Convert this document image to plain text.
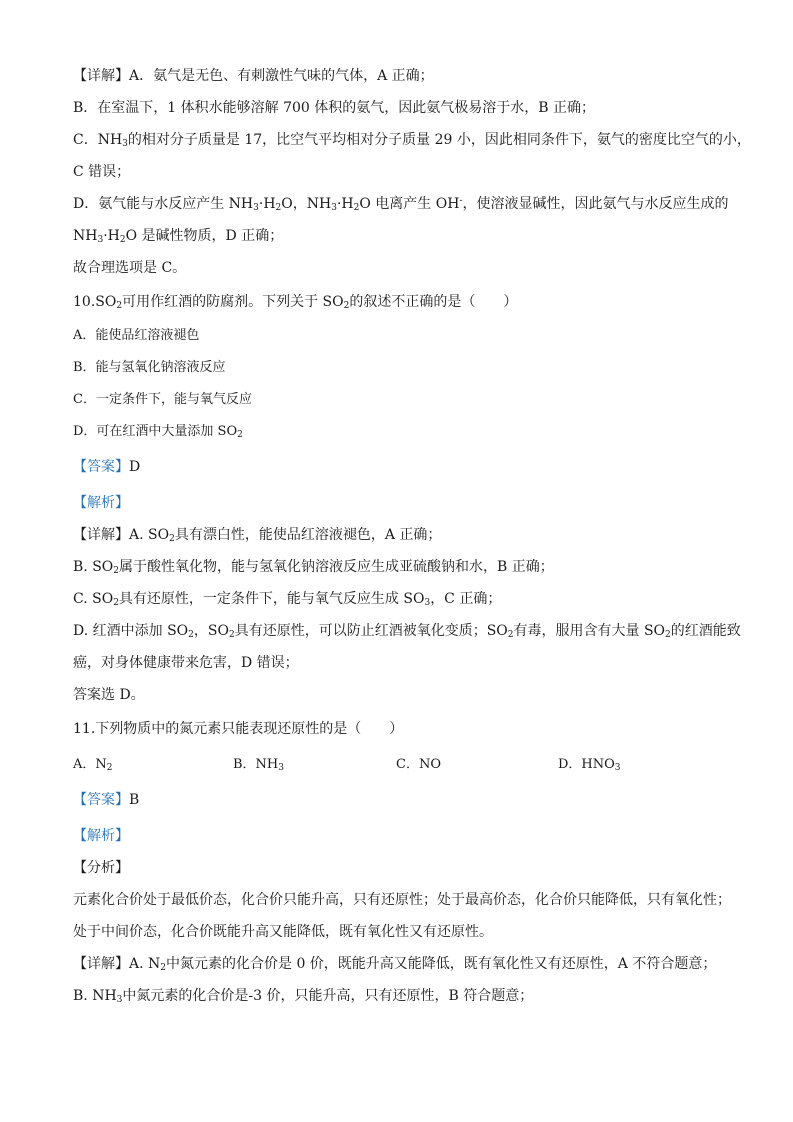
【详解】A．氨气是无色、有刺激性气味的气体，A 正确；
B．在室温下，1 体积水能够溶解 700 体积的氨气，因此氨气极易溶于水，B 正确；
C．$NH_3$的相对分子质量是 17，比空气平均相对分子质量 29 小，因此相同条件下，氨气的密度比空气的小，
C 错误；
D．氨气能与水反应产生 $NH_3\cdot H_2O$，$NH_3\cdot H_2O$ 电离产生 OH-，使溶液显碱性，因此氨气与水反应生成的
$NH_3\cdot H_2O$ 是碱性物质，D 正确；
故合理选项是 C。
$10.SO_2$可用作红酒的防腐剂。下列关于 $SO_2$的叙述不正确的是（　　）
A．能使品红溶液褪色
B．能与氢氧化钠溶液反应
C．一定条件下，能与氧气反应
D．可在红酒中大量添加 $SO_2$
【答案】D
【解析】
【详解】A. $SO_2$具有漂白性，能使品红溶液褪色，A 正确；
B. $SO_2$属于酸性氧化物，能与氢氧化钠溶液反应生成亚硫酸钠和水，B 正确；
C. $SO_2$具有还原性，一定条件下，能与氧气反应生成 $SO_3$，C 正确；
D. 红酒中添加 $SO_2$，$SO_2$具有还原性，可以防止红酒被氧化变质；$SO_2$有毒，服用含有大量 $SO_2$的红酒能致
癌，对身体健康带来危害，D 错误；
答案选 D。
11.下列物质中的氮元素只能表现还原性的是（　　）
A．$N_2$	B．$NH_3$	C．NO	D．$HNO_3$
【答案】B
【解析】
【分析】
元素化合价处于最低价态，化合价只能升高，只有还原性；处于最高价态，化合价只能降低，只有氧化性；
处于中间价态，化合价既能升高又能降低，既有氧化性又有还原性。
【详解】A. $N_2$中氮元素的化合价是 0 价，既能升高又能降低，既有氧化性又有还原性，A 不符合题意；
B. $NH_3$中氮元素的化合价是-3 价，只能升高，只有还原性，B 符合题意；
